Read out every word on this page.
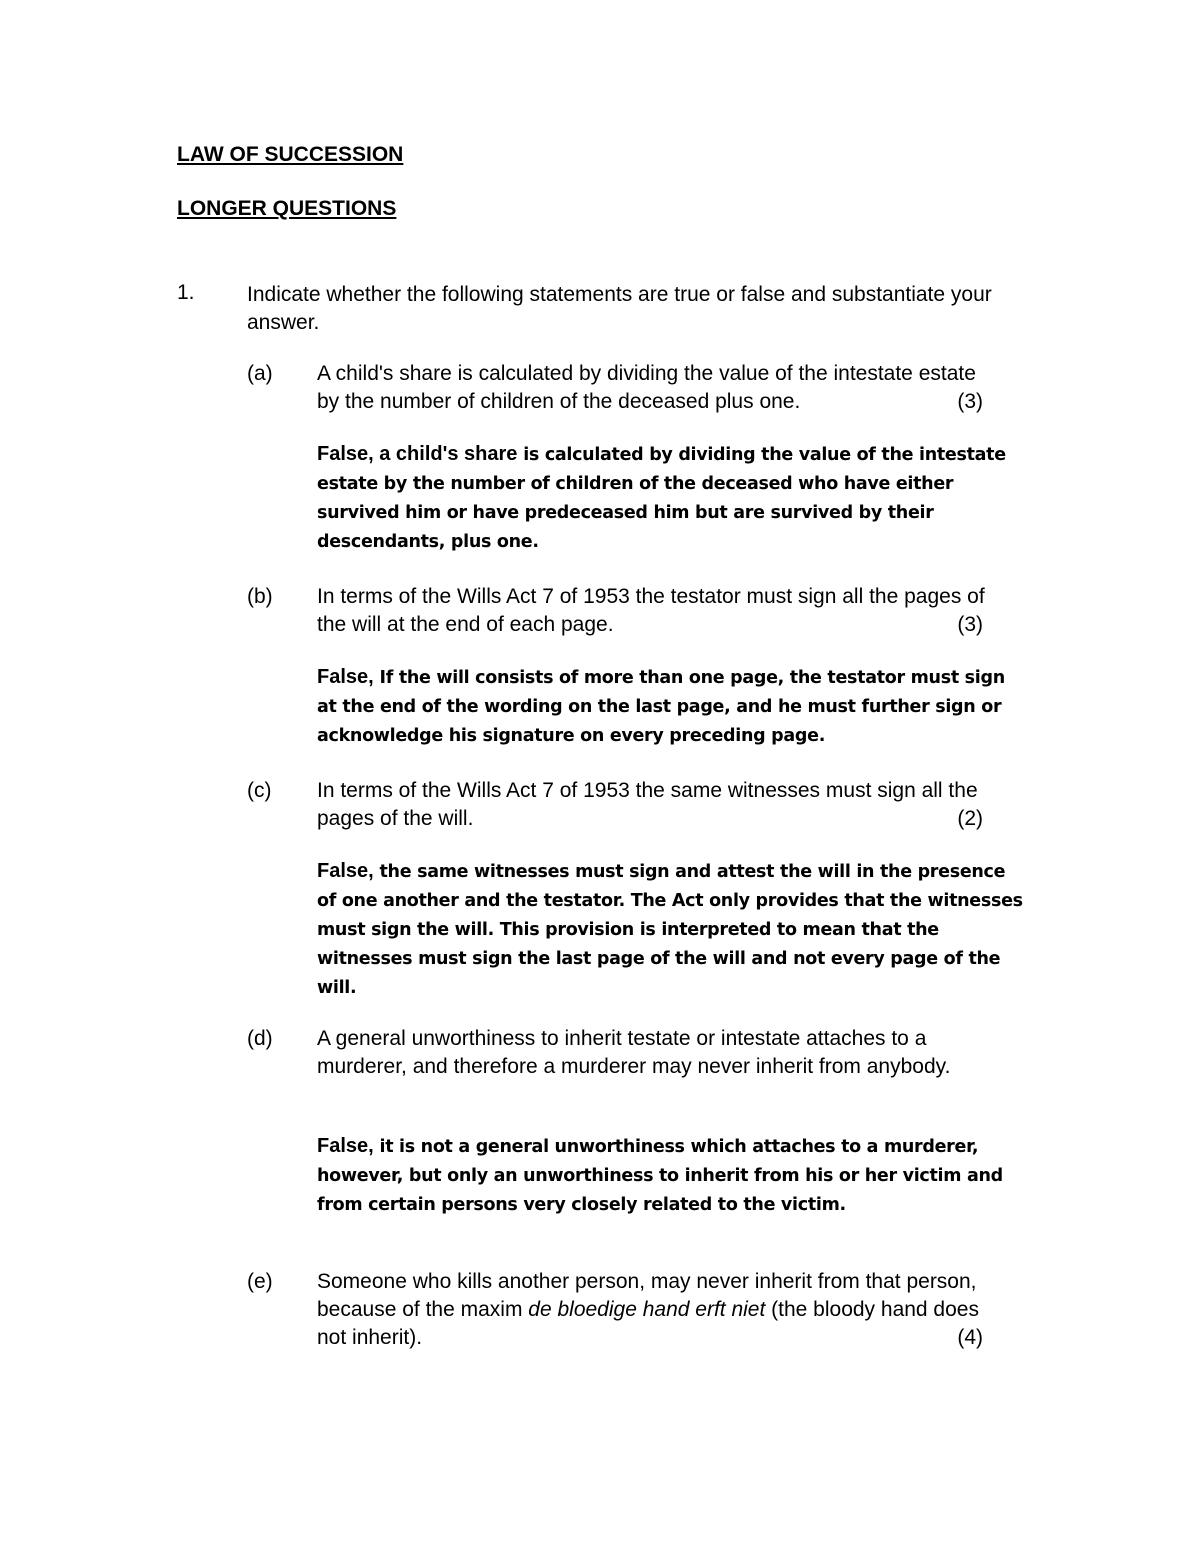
LAW OF SUCCESSION
LONGER QUESTIONS
1. Indicate whether the following statements are true or false and substantiate your answer.
(a) A child's share is calculated by dividing the value of the intestate estate by the number of children of the deceased plus one.	(3)
False, a child's share is calculated by dividing the value of the intestate estate by the number of children of the deceased who have either survived him or have predeceased him but are survived by their descendants, plus one.
(b) In terms of the Wills Act 7 of 1953 the testator must sign all the pages of the will at the end of each page.	(3)
False, If the will consists of more than one page, the testator must sign at the end of the wording on the last page, and he must further sign or acknowledge his signature on every preceding page.
(c) In terms of the Wills Act 7 of 1953 the same witnesses must sign all the pages of the will.	(2)
False, the same witnesses must sign and attest the will in the presence of one another and the testator. The Act only provides that the witnesses must sign the will. This provision is interpreted to mean that the witnesses must sign the last page of the will and not every page of the will.
(d) A general unworthiness to inherit testate or intestate attaches to a murderer, and therefore a murderer may never inherit from anybody.
False, it is not a general unworthiness which attaches to a murderer, however, but only an unworthiness to inherit from his or her victim and from certain persons very closely related to the victim.
(e) Someone who kills another person, may never inherit from that person, because of the maxim de bloedige hand erft niet (the bloody hand does not inherit).	(4)
